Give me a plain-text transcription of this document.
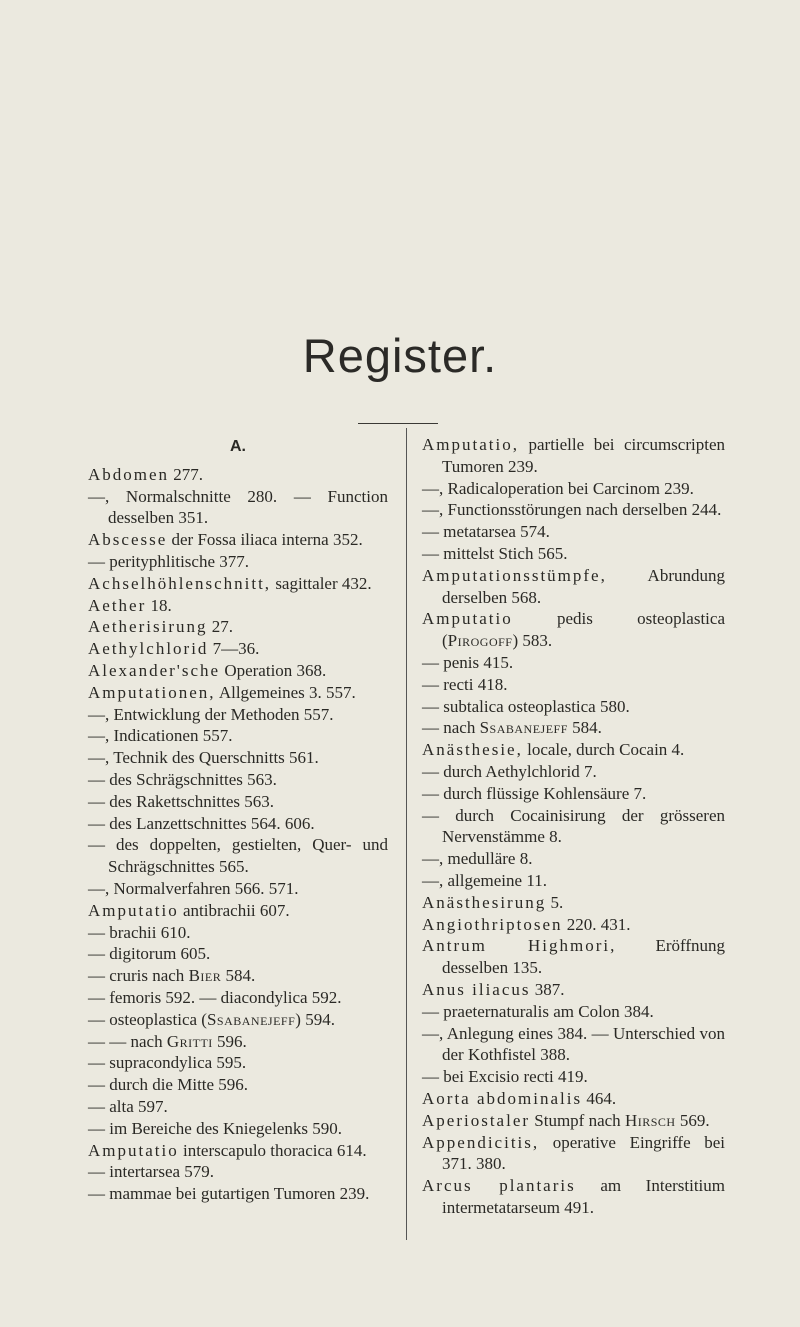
Register.
A.
Abdomen 277.
—, Normalschnitte 280. — Function desselben 351.
Abscesse der Fossa iliaca interna 352.
— perityphlitische 377.
Achselhöhlenschnitt, sagittaler 432.
Aether 18.
Aetherisirung 27.
Aethylchlorid 7—36.
Alexander'sche Operation 368.
Amputationen, Allgemeines 3. 557.
—, Entwicklung der Methoden 557.
—, Indicationen 557.
—, Technik des Querschnitts 561.
— des Schrägschnittes 563.
— des Rakettschnittes 563.
— des Lanzettschnittes 564. 606.
— des doppelten, gestielten, Quer- und Schrägschnittes 565.
—, Normalverfahren 566. 571.
Amputatio antibrachii 607.
— brachii 610.
— digitorum 605.
— cruris nach Bier 584.
— femoris 592. — diacondylica 592.
— osteoplastica (Ssabanejeff) 594.
— — nach Gritti 596.
— supracondylica 595.
— durch die Mitte 596.
— alta 597.
— im Bereiche des Kniegelenks 590.
Amputatio interscapulo thoracica 614.
— intertarsea 579.
— mammae bei gutartigen Tumoren 239.
Amputatio, partielle bei circumscripten Tumoren 239.
—, Radicaloperation bei Carcinom 239.
—, Functionsstörungen nach derselben 244.
— metatarsea 574.
— mittelst Stich 565.
Amputationsstümpfe, Abrundung derselben 568.
Amputatio pedis osteoplastica (Pirogoff) 583.
— penis 415.
— recti 418.
— subtalica osteoplastica 580.
— nach Ssabanejeff 584.
Anästhesie, locale, durch Cocain 4.
— durch Aethylchlorid 7.
— durch flüssige Kohlensäure 7.
— durch Cocainisirung der grösseren Nervenstämme 8.
—, medulläre 8.
—, allgemeine 11.
Anästhesirung 5.
Angiothriptosen 220. 431.
Antrum Highmori, Eröffnung desselben 135.
Anus iliacus 387.
— praeternaturalis am Colon 384.
—, Anlegung eines 384. — Unterschied von der Kothfistel 388.
— bei Excisio recti 419.
Aorta abdominalis 464.
Aperiostaler Stumpf nach Hirsch 569.
Appendicitis, operative Eingriffe bei 371. 380.
Arcus plantaris am Interstitium intermetatarseum 491.
